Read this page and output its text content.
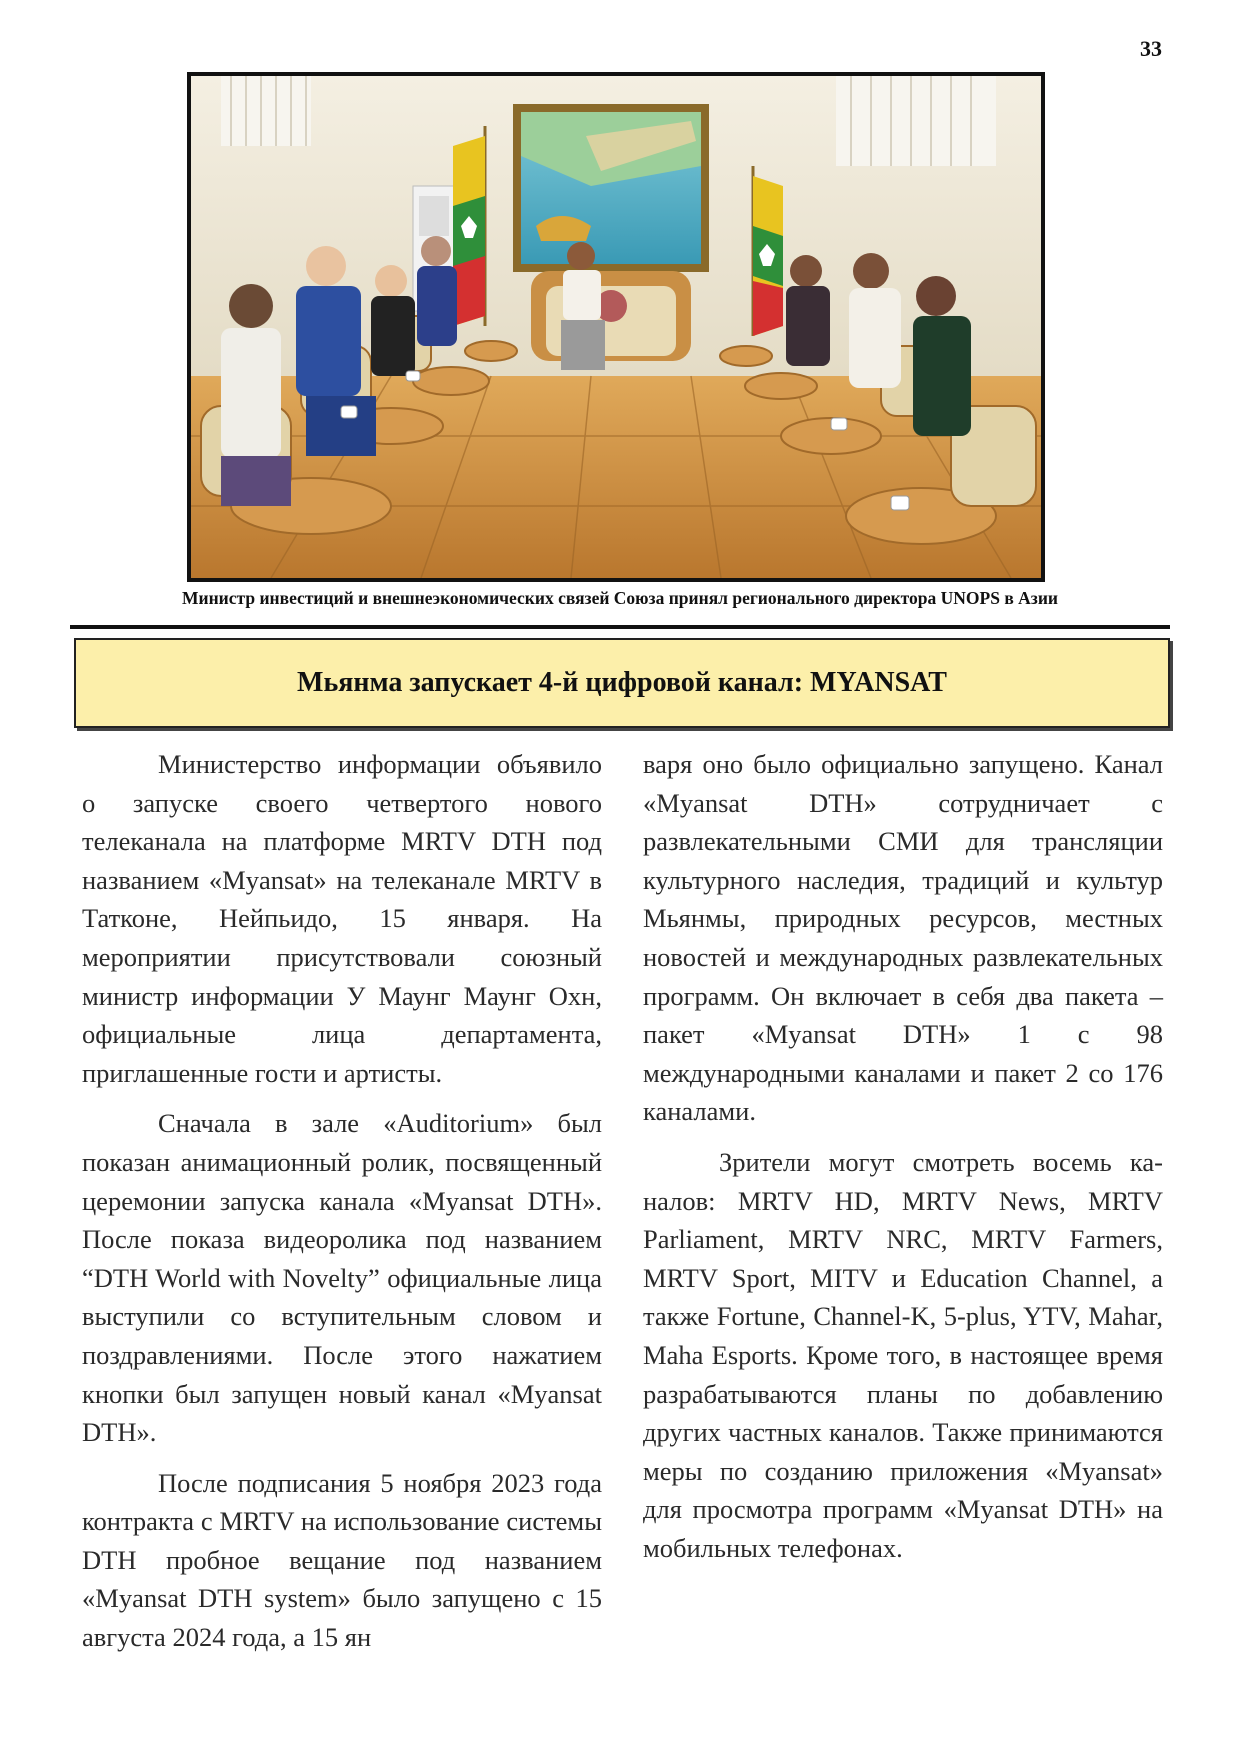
33
Министр инвестиций и внешнеэкономических связей Союза принял регионального директора UNOPS в Азии
Мьянма запускает 4-й цифровой канал: MYANSAT

Министерство информации объявило о запуске своего четвертого нового телеканала на платформе MRTV DTH под названием «Myansat» на телеканале MRTV в Татконе, Нейпьидо, 15 января. На мероприятии присутствовали союзный министр информации У Маунг Маунг Охн, официальные лица департамента, приглашенные гости и артисты.

Сначала в зале «Auditorium» был показан анимационный ролик, посвященный церемонии запуска канала «Myansat DTH». После показа видеоролика под названием “DTH World with Novelty” официальные лица выступили со вступительным словом и поздравлениями. После этого нажатием кнопки был запущен новый канал «Myansat DTH».

После подписания 5 ноября 2023 года контракта с MRTV на использование системы DTH пробное вещание под названием «Myansat DTH system» было запущено с 15 августа 2024 года, а 15 ян

варя оно было официально запущено. Канал «Myansat DTH» сотрудничает с развлекательными СМИ для трансляции культурного наследия, традиций и культур Мьянмы, природных ресурсов, местных новостей и международных развлекательных программ. Он включает в себя два пакета – пакет «Myansat DTH» 1 с 98 международными каналами и пакет 2 со 176 каналами.

Зрители могут смотреть восемь каналов: MRTV HD, MRTV News, MRTV Parliament, MRTV NRC, MRTV Farmers, MRTV Sport, MITV и Education Channel, а также Fortune, Channel-K, 5-plus, YTV, Mahar, Maha Esports. Кроме того, в настоящее время разрабатываются планы по добавлению других частных каналов. Также принимаются меры по созданию приложения «Myansat» для просмотра программ «Myansat DTH» на мобильных телефонах.
